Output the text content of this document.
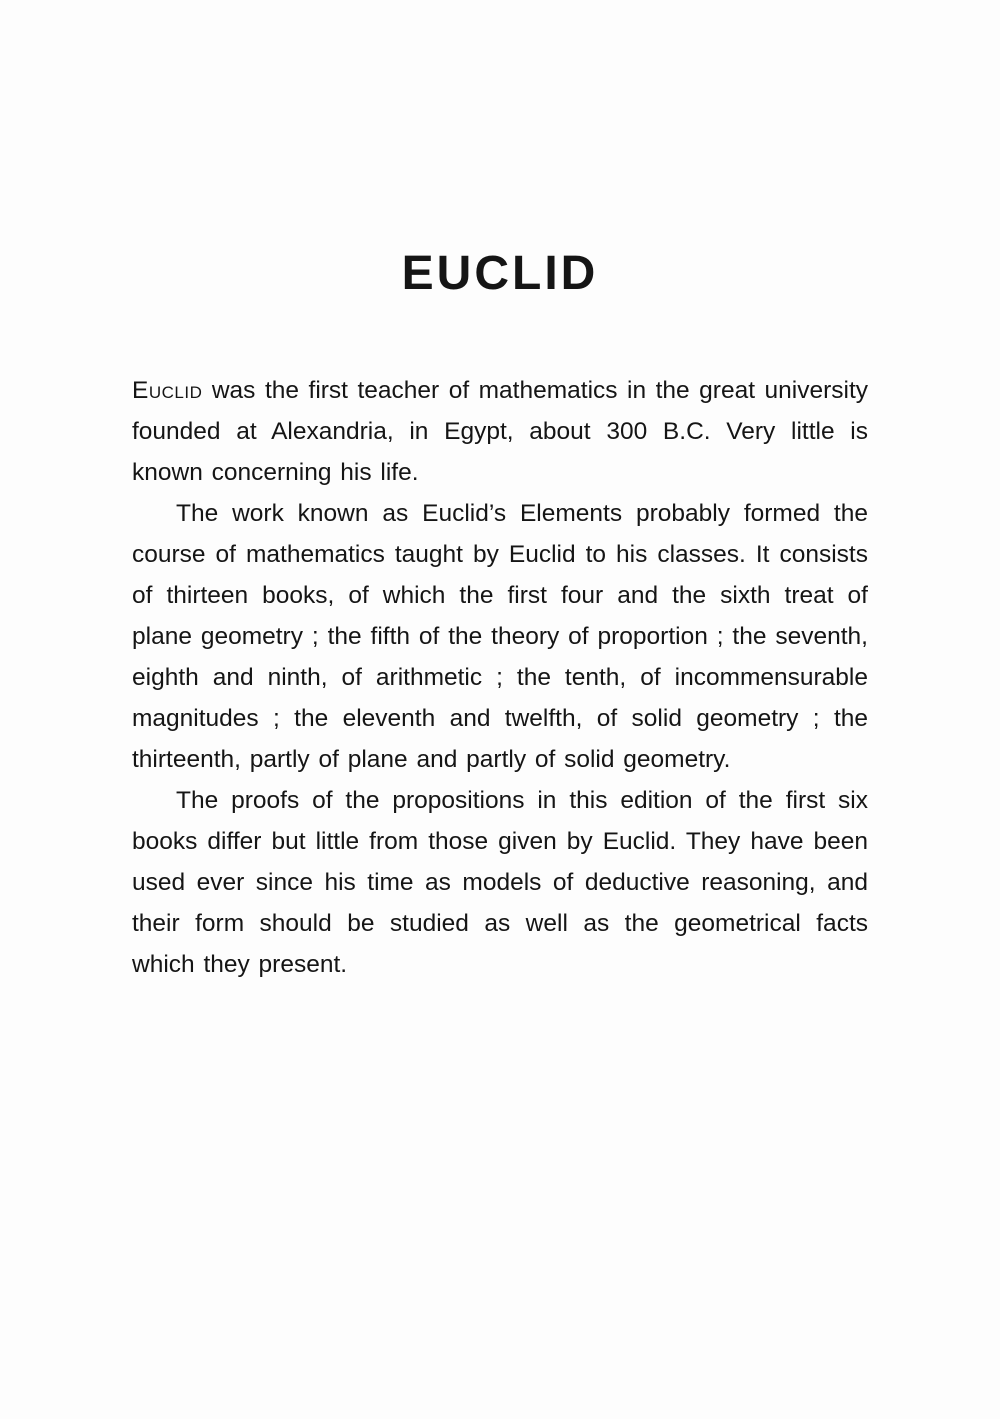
EUCLID

Euclid was the first teacher of mathematics in the great university founded at Alexandria, in Egypt, about 300 B.C. Very little is known concerning his life.

The work known as Euclid’s Elements probably formed the course of mathematics taught by Euclid to his classes. It consists of thirteen books, of which the first four and the sixth treat of plane geometry ; the fifth of the theory of proportion ; the seventh, eighth and ninth, of arithmetic ; the tenth, of incommensurable magnitudes ; the eleventh and twelfth, of solid geometry ; the thirteenth, partly of plane and partly of solid geometry.

The proofs of the propositions in this edition of the first six books differ but little from those given by Euclid. They have been used ever since his time as models of deductive reasoning, and their form should be studied as well as the geometrical facts which they present.
